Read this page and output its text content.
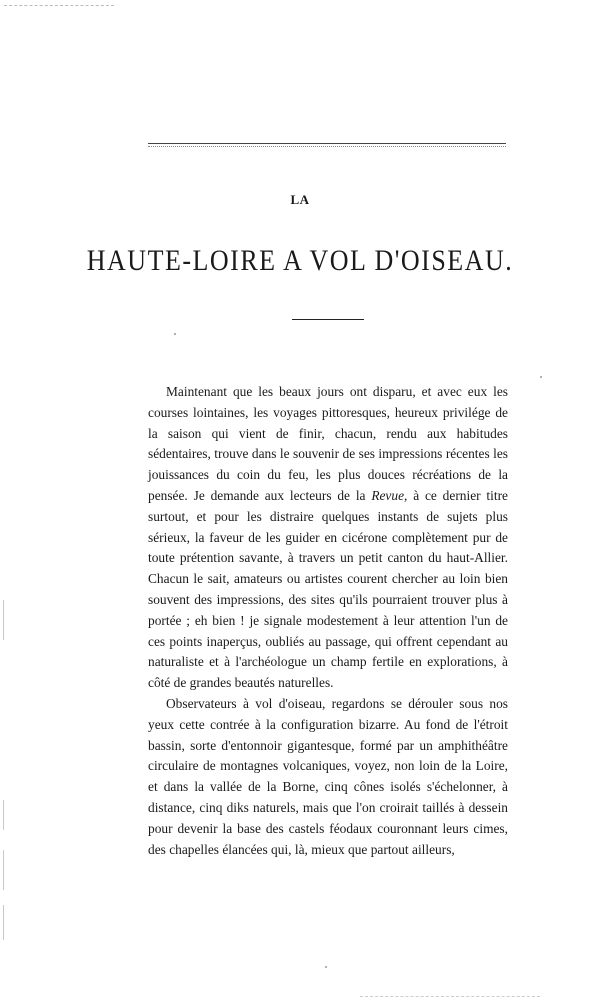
LA
HAUTE-LOIRE A VOL D'OISEAU.

Maintenant que les beaux jours ont disparu, et avec eux les courses lointaines, les voyages pittoresques, heureux privilége de la saison qui vient de finir, chacun, rendu aux habitudes sédentaires, trouve dans le souvenir de ses impressions récentes les jouissances du coin du feu, les plus douces récréations de la pensée. Je demande aux lecteurs de la Revue, à ce dernier titre surtout, et pour les distraire quelques instants de sujets plus sérieux, la faveur de les guider en cicérone complètement pur de toute prétention savante, à travers un petit canton du haut-Allier. Chacun le sait, amateurs ou artistes courent chercher au loin bien souvent des impressions, des sites qu'ils pourraient trouver plus à portée ; eh bien ! je signale modestement à leur attention l'un de ces points inaperçus, oubliés au passage, qui offrent cependant au naturaliste et à l'archéologue un champ fertile en explorations, à côté de grandes beautés naturelles.

Observateurs à vol d'oiseau, regardons se dérouler sous nos yeux cette contrée à la configuration bizarre. Au fond de l'étroit bassin, sorte d'entonnoir gigantesque, formé par un amphithéâtre circulaire de montagnes volcaniques, voyez, non loin de la Loire, et dans la vallée de la Borne, cinq cônes isolés s'échelonner, à distance, cinq diks naturels, mais que l'on croirait taillés à dessein pour devenir la base des castels féodaux couronnant leurs cimes, des chapelles élancées qui, là, mieux que partout ailleurs,
